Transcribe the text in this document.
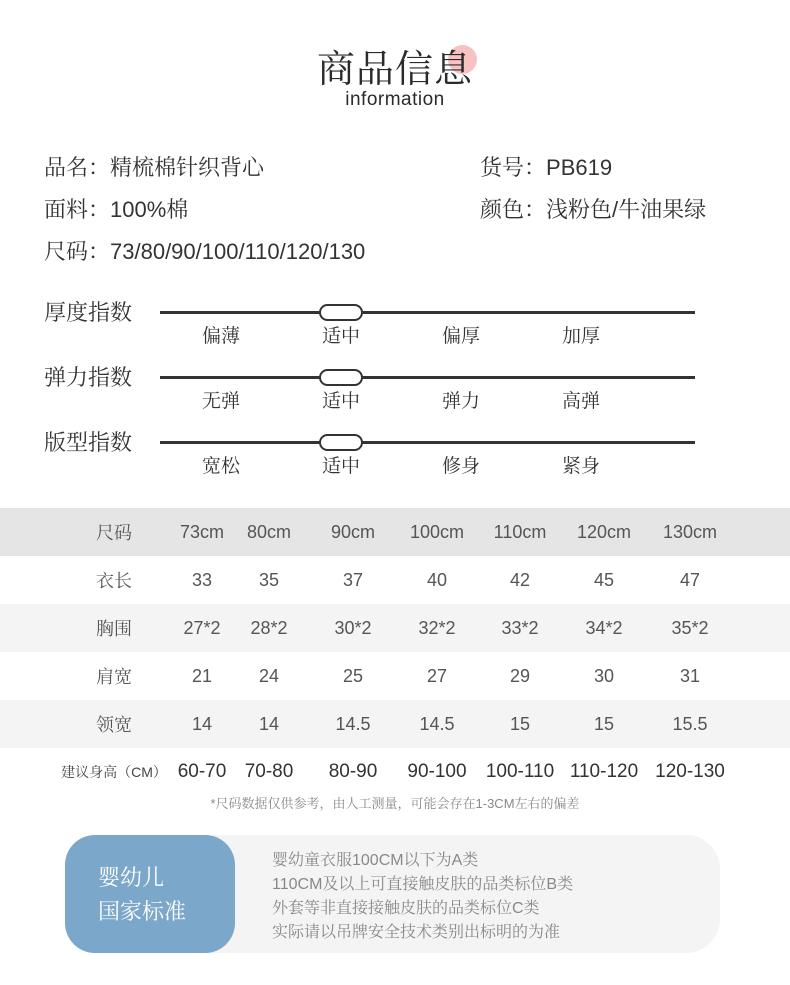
商品信息
information
品名：精梳棉针织背心	货号：PB619
面料：100%棉	颜色：浅粉色/牛油果绿
尺码：73/80/90/100/110/120/130
厚度指数
偏薄	适中	偏厚	加厚
弹力指数
无弹	适中	弹力	高弹
版型指数
宽松	适中	修身	紧身
尺码	73cm	80cm	90cm	100cm	110cm	120cm	130cm
衣长	33	35	37	40	42	45	47
胸围	27*2	28*2	30*2	32*2	33*2	34*2	35*2
肩宽	21	24	25	27	29	30	31
领宽	14	14	14.5	14.5	15	15	15.5
建议身高（CM） 60-70 70-80	80-90	90-100	100-110 110-120 120-130
*尺码数据仅供参考，由人工测量，可能会存在1-3CM左右的偏差
婴幼儿
国家标准
婴幼童衣服100CM以下为A类
110CM及以上可直接触皮肤的品类标位B类
外套等非直接接触皮肤的品类标位C类
实际请以吊牌安全技术类别出标明的为准
